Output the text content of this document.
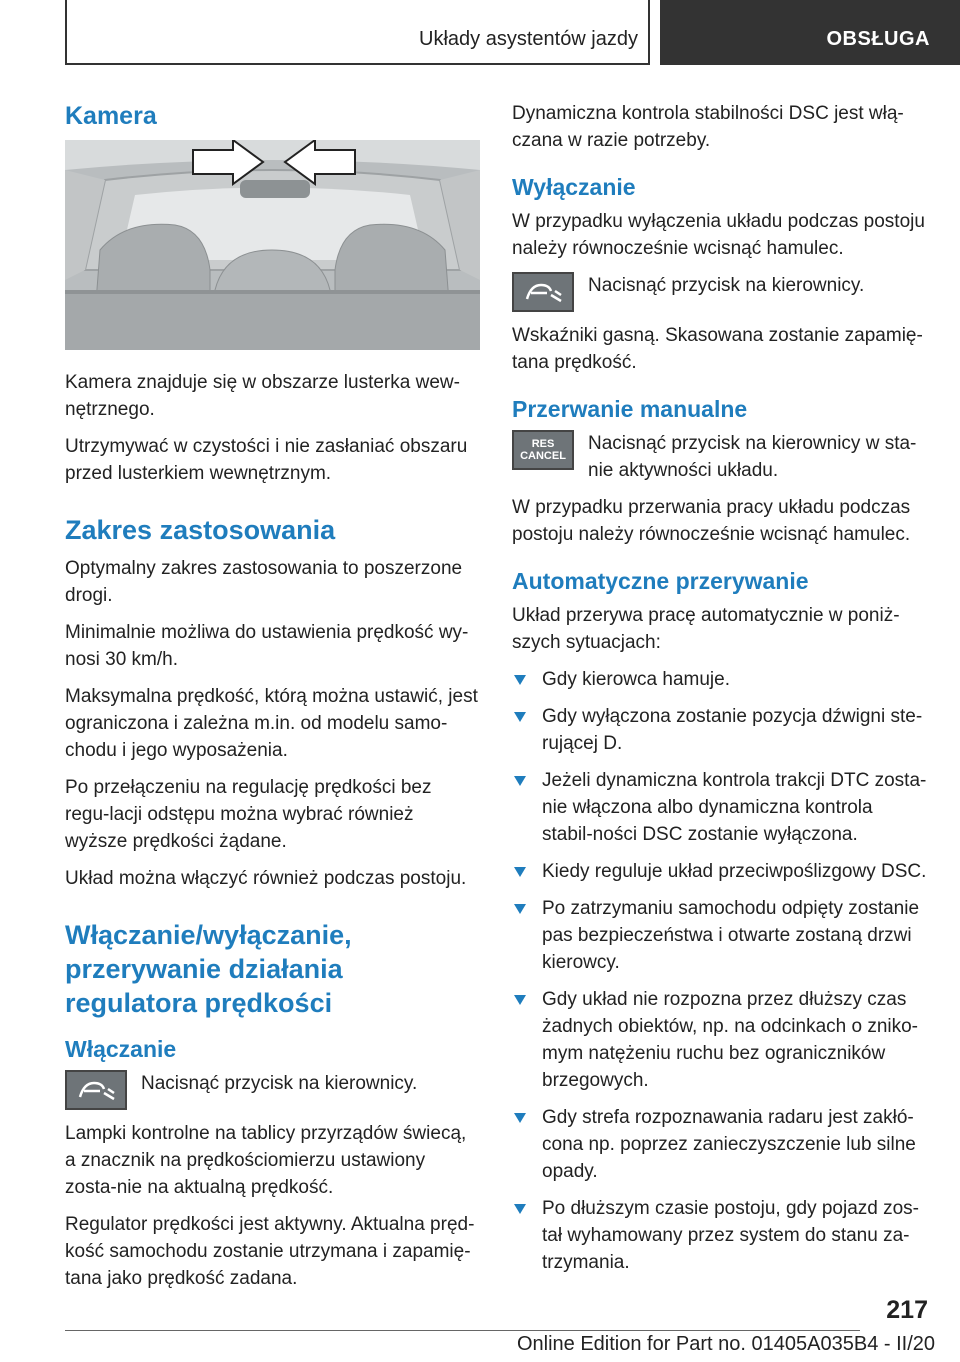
Układy asystentów jazdy	OBSŁUGA
Kamera

Kamera znajduje się w obszarze lusterka wew‐nętrznego.

Utrzymywać w czystości i nie zasłaniać obszaru przed lusterkiem wewnętrznym.

Zakres zastosowania

Optymalny zakres zastosowania to poszerzone drogi.

Minimalnie możliwa do ustawienia prędkość wy‐nosi 30 km/h.

Maksymalna prędkość, którą można ustawić, jest ograniczona i zależna m.in. od modelu samo‐chodu i jego wyposażenia.

Po przełączeniu na regulację prędkości bez regu‐lacji odstępu można wybrać również wyższe prędkości żądane.

Układ można włączyć również podczas postoju.

Włączanie/wyłączanie, przerywanie działania regulatora prędkości
Włączanie

Nacisnąć przycisk na kierownicy.

Lampki kontrolne na tablicy przyrządów świecą, a znacznik na prędkościomierzu ustawiony zosta‐nie na aktualną prędkość.

Regulator prędkości jest aktywny. Aktualna pręd‐kość samochodu zostanie utrzymana i zapamię‐tana jako prędkość zadana.

Dynamiczna kontrola stabilności DSC jest włą‐czana w razie potrzeby.

Wyłączanie

W przypadku wyłączenia układu podczas postoju należy równocześnie wcisnąć hamulec.

Nacisnąć przycisk na kierownicy.

Wskaźniki gasną. Skasowana zostanie zapamię‐tana prędkość.

Przerwanie manualne
RES CANCEL

Nacisnąć przycisk na kierownicy w sta‐nie aktywności układu.

W przypadku przerwania pracy układu podczas postoju należy równocześnie wcisnąć hamulec.

Automatyczne przerywanie

Układ przerywa pracę automatycznie w poniż‐szych sytuacjach:

Gdy kierowca hamuje.
Gdy wyłączona zostanie pozycja dźwigni ste‐rującej D.
Jeżeli dynamiczna kontrola trakcji DTC zosta‐nie włączona albo dynamiczna kontrola stabil‐ności DSC zostanie wyłączona.
Kiedy reguluje układ przeciwpoślizgowy DSC.
Po zatrzymaniu samochodu odpięty zostanie pas bezpieczeństwa i otwarte zostaną drzwi kierowcy.
Gdy układ nie rozpozna przez dłuższy czas żadnych obiektów, np. na odcinkach o zniko‐mym natężeniu ruchu bez ograniczników brzegowych.
Gdy strefa rozpoznawania radaru jest zakłó‐cona np. poprzez zanieczyszczenie lub silne opady.
Po dłuższym czasie postoju, gdy pojazd zos‐tał wyhamowany przez system do stanu za‐trzymania.
217
Online Edition for Part no. 01405A035B4 - II/20
